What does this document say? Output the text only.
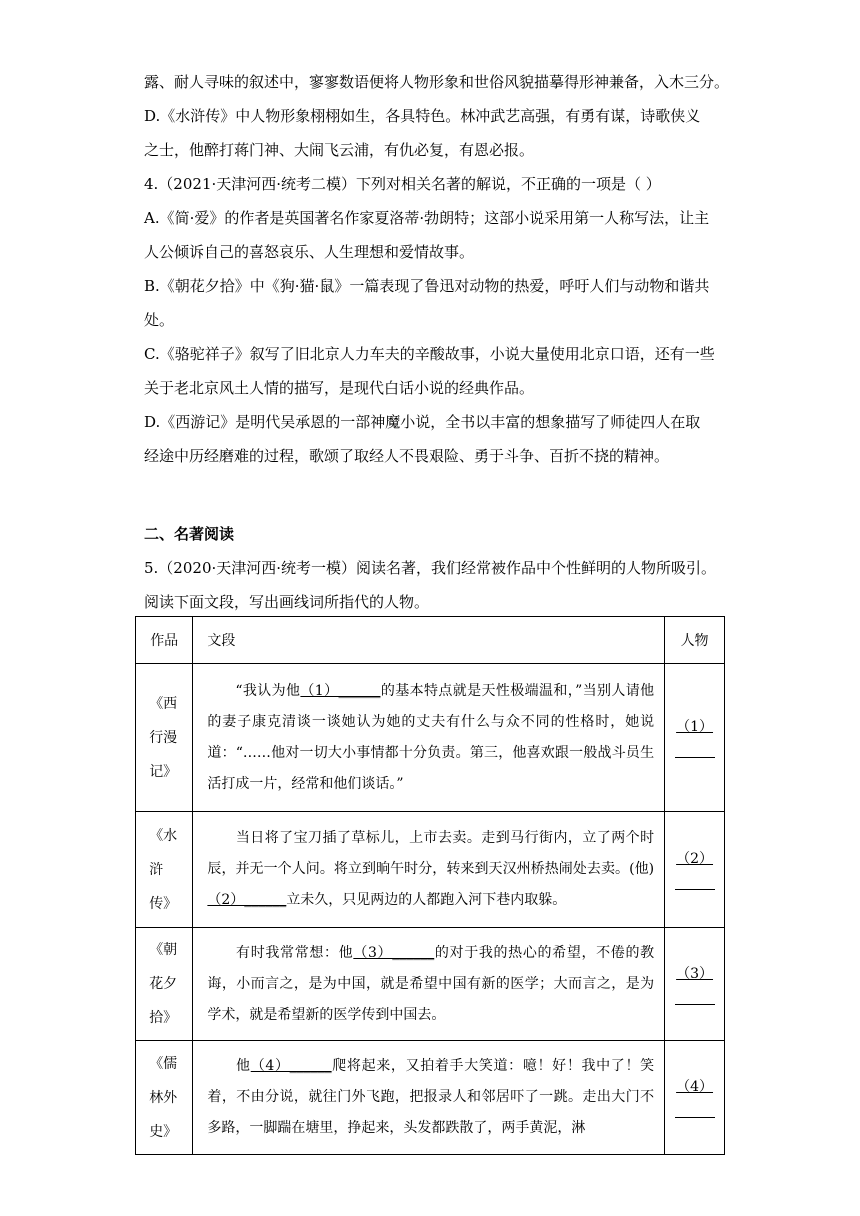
露、耐人寻味的叙述中，寥寥数语便将人物形象和世俗风貌描摹得形神兼备，入木三分。
D.《水浒传》中人物形象栩栩如生，各具特色。林冲武艺高强，有勇有谋，诗歌侠义
之士，他醉打蒋门神、大闹飞云浦，有仇必复，有恩必报。
4.（2021·天津河西·统考二模）下列对相关名著的解说，不正确的一项是（ ）
A.《简·爱》的作者是英国著名作家夏洛蒂·勃朗特；这部小说采用第一人称写法，让主
人公倾诉自己的喜怒哀乐、人生理想和爱情故事。
B.《朝花夕拾》中《狗·猫·鼠》一篇表现了鲁迅对动物的热爱，呼吁人们与动物和谐共
处。
C.《骆驼祥子》叙写了旧北京人力车夫的辛酸故事，小说大量使用北京口语，还有一些
关于老北京风土人情的描写，是现代白话小说的经典作品。
D.《西游记》是明代吴承恩的一部神魔小说，全书以丰富的想象描写了师徒四人在取
经途中历经磨难的过程，歌颂了取经人不畏艰险、勇于斗争、百折不挠的精神。
二、名著阅读
5.（2020·天津河西·统考一模）阅读名著，我们经常被作品中个性鲜明的人物所吸引。
阅读下面文段，写出画线词所指代的人物。
作品	文段	人物
《西行漫记》	“我认为他（1）______的基本特点就是天性极端温和，”当别人请他的妻子康克清谈一谈她认为她的丈夫有什么与众不同的性格时，她说道：“……他对一切大小事情都十分负责。第三，他喜欢跟一般战斗员生活打成一片，经常和他们谈话。”	（1）

《水浒传》	当日将了宝刀插了草标儿，上市去卖。走到马行街内，立了两个时辰，并无一个人问。将立到晌午时分，转来到天汉州桥热闹处去卖。(他)（2）______立未久，只见两边的人都跑入河下巷内取躲。	（2）

《朝花夕拾》	有时我常常想：他（3）______的对于我的热心的希望，不倦的教诲，小而言之，是为中国，就是希望中国有新的医学；大而言之，是为学术，就是希望新的医学传到中国去。	（3）

《儒林外史》	他（4）______爬将起来，又拍着手大笑道：噫！好！我中了！笑着，不由分说，就往门外飞跑，把报录人和邻居吓了一跳。走出大门不多路，一脚踹在塘里，挣起来，头发都跌散了，两手黄泥，淋	（4）
